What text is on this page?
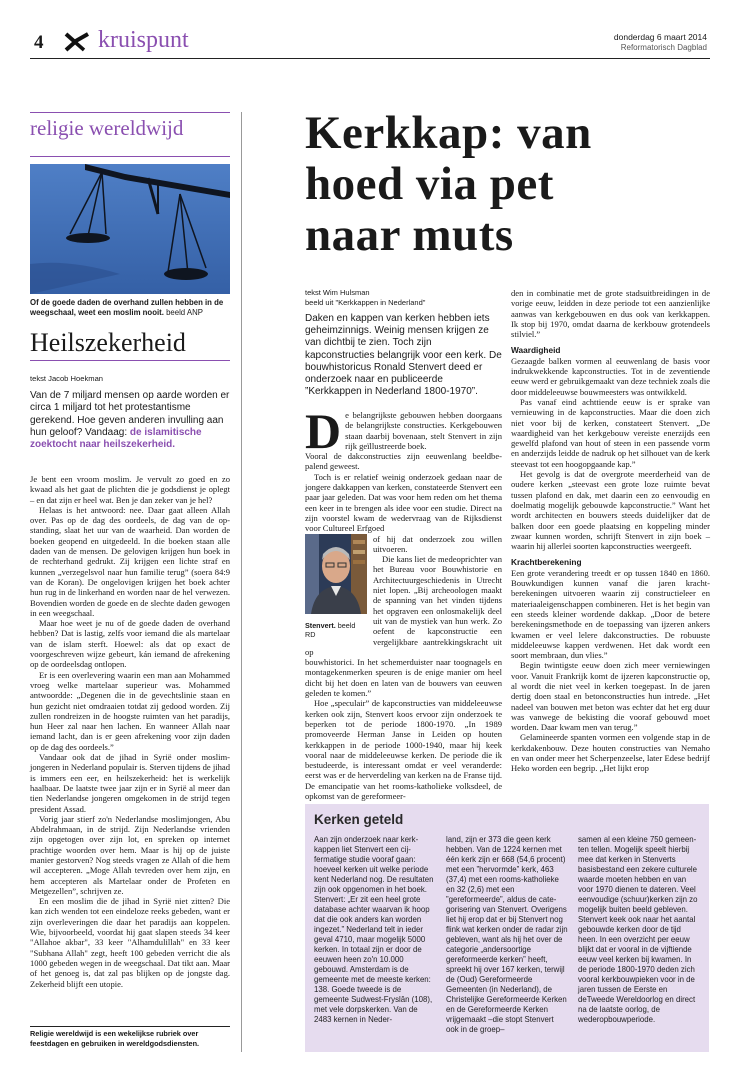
4 kruispunt	donderdag 6 maart 2014
Reformatorisch Dagblad
religie wereldwijd
Of de goede daden de overhand zullen hebben in de weegschaal, weet een moslim nooit. beeld ANP
Heilszekerheid
tekst Jacob Hoekman
Van de 7 miljard mensen op aarde worden er circa 1 miljard tot het protestantisme gerekend. Hoe geven anderen invulling aan hun geloof? Vandaag: de islamitische zoektocht naar heilszekerheid.

Je bent een vroom moslim. Je vervult zo goed en zo kwaad als het gaat de plichten die je godsdienst je oplegt – en dat zijn er heel wat. Ben je dan zeker van je hel?

Helaas is het antwoord: nee. Daar gaat alleen Allah over. Pas op de dag des oordeels, de dag van de opstanding, slaat het uur van de waarheid. Dan worden de boeken geopend en uitgedeeld. In die boeken staan alle daden van de mensen. De gelovigen krijgen hun boek in de rechterhand gedrukt. Zij krijgen een lichte straf en kunnen „verzegelsvol naar hun familie terug” (soera 84:9 van de Koran). De ongelovigen krijgen het boek achter hun rug in de linkerhand en worden naar de hel verwezen. Bovendien worden de goede en de slechte daden gewogen in een weegschaal.

Maar hoe weet je nu of de goede daden de overhand hebben? Dat is lastig, zelfs voor iemand die als martelaar van de islam sterft. Hoewel: als dat op exact de voorgeschreven wijze gebeurt, kán iemand de afrekening op de oordeelsdag ontlopen.

Er is een overlevering waarin een man aan Mohammed vroeg welke martelaar superieur was. Mohammed antwoordde: „Degenen die in de gevechtslinie staan en hun gezicht niet omdraaien totdat zij gedood worden. Zij zullen rondreizen in de hoogste ruimten van het paradijs, hun Heer zal naar hen lachen. En wanneer Allah naar iemand lacht, dan is er geen afrekening voor zijn daden op de dag des oordeels.”

Vandaar ook dat de jihad in Syrië onder moslimjongeren in Nederland populair is. Sterven tijdens de jihad is immers een eer, en heilszekerheid: het is werkelijk haalbaar. De laatste twee jaar zijn er in Syrië al meer dan tien Nederlandse jongeren omgekomen in de strijd tegen president Assad.

Vorig jaar stierf zo'n Nederlandse moslimjongen, Abu Abdelrahmaan, in de strijd. Zijn Nederlandse vrienden zijn opgetogen over zijn lot, en spreken op internet prachtige woorden over hem. Maar is hij op de juiste manier gestorven? Nog steeds vragen ze Allah of die hem wil accepteren. „Moge Allah tevreden over hem zijn, en hem accepteren als Martelaar onder de Profeten en Metgezellen”, schrijven ze.

En een moslim die de jihad in Syrië niet zitten? Die kan zich wenden tot een eindeloze reeks gebeden, want er zijn overleveringen die daar het paradijs aan koppelen. Wie, bijvoorbeeld, voordat hij gaat slapen steeds 34 keer "Allahoe akbar", 33 keer "Alhamdulillah" en 33 keer "Subhana Allah" zegt, heeft 100 gebeden verricht die als 1000 gebeden wegen in de weegschaal. Dat tikt aan. Maar of het genoeg is, dat zal pas blijken op de jongste dag. Zekerheid blijft een utopie.

Religie wereldwijd is een wekelijkse rubriek over feestdagen en gebruiken in wereldgodsdiensten.
Kerkkap: van
hoed via pet
naar muts
tekst Wim Hulsman
beeld uit "Kerkkappen in Nederland"
Daken en kappen van kerken hebben iets geheimzinnigs. Weinig mensen krijgen ze van dichtbij te zien. Toch zijn kapconstructies belangrijk voor een kerk. De bouwhistoricus Ronald Stenvert deed er onderzoek naar en publiceerde ”Kerkkappen in Nederland 1800-1970”.
D e belangrijkste gebouwen hebben doorgaans de belangrijkste constructies. Kerkgebouwen staan daarbij bovenaan, stelt Stenvert in zijn rijk geïllustreerde boek.

Vooral de dakconstructies zijn eeuwenlang beeldbepalend geweest.

Toch is er relatief weinig onderzoek gedaan naar de jongere dakkappen van kerken, constateerde Stenvert een paar jaar geleden. Dat was voor hem reden om het thema een keer in te brengen als idee voor een studie. Direct na zijn voorstel kwam de wedervraag van de Rijksdienst voor Cultureel Erfgoed

Stenvert. beeld RD

of hij dat onderzoek zou willen uitvoeren.

Die kans liet de medeoprichter van het Bureau voor Bouwhistorie en Architectuurgeschiedenis in Utrecht niet lopen. „Bij archeoologen maakt de spanning van het vinden tijdens het opgraven een onlosmakelijk deel uit van de mystiek van hun werk. Zo oefent de kapconstructie een vergelijkbare aantrekkingskracht uit op

bouwhistorici. In het schemerduister naar toognagels en montagekenmerken speuren is de enige manier om heel dicht bij het doen en laten van de bouwers van eeuwen geleden te komen.”

Hoe „speculair” de kapconstructies van middeleeuwse kerken ook zijn, Stenvert koos ervoor zijn onderzoek te beperken tot de periode 1800-1970. „In 1989 promoveerde Herman Janse in Leiden op houten kerkkappen in de periode 1000-1940, maar hij keek vooral naar de middeleeuwse kerken. De periode die ik bestudeerde, is interessant omdat er veel veranderde: eerst was er de herverdeling van kerken na de Franse tijd. De emancipatie van het rooms-katholieke volksdeel, de opkomst van de gereformeer-

den in combinatie met de grote stadsuitbreidingen in de vorige eeuw, leidden in deze periode tot een aanzienlijke aanwas van kerkgebouwen en dus ook van kerkkappen. Ik stop bij 1970, omdat daarna de kerkbouw grotendeels stilviel.”

Waardigheid

Gezaagde balken vormen al eeuwenlang de basis voor indrukwekkende kapconstructies. Tot in de zeventiende eeuw werd er gebruikgemaakt van deze techniek zoals die door middeleeuwse bouwmeesters was ontwikkeld.

Pas vanaf eind achttiende eeuw is er sprake van vernieuwing in de kapconstructies. Maar die doen zich niet voor bij de kerken, constateert Stenvert. „De waardigheid van het kerkgebouw vereiste enerzijds een gewelfd plafond van hout of steen in een passende vorm en anderzijds leidde de nadruk op het silhouet van de kerk steevast tot een hoogopgaande kap.”

Het gevolg is dat de overgrote meerderheid van de oudere kerken „steevast een grote loze ruimte bevat tussen plafond en dak, met daarin een zo eenvoudig en doelmatig mogelijk gebouwde kapconstructie.” Want het wordt architecten en bouwers steeds duidelijker dat de balken door een goede plaatsing en koppeling minder zwaar kunnen worden, schrijft Stenvert in zijn boek – waarin hij allerlei soorten kapconstructies weergeeft.

Krachtberekening

Een grote verandering treedt er op tussen 1840 en 1860. Bouwkundigen kunnen vanaf die jaren krachtberekeningen uitvoeren waarin zij constructieleer en materiaaleigenschappen combineren. Het is het begin van een steeds kleiner wordende dakkap. „Door de betere berekeningsmethode en de toepassing van ijzeren ankers kwamen er veel lelere dakconstructies. De robuuste middeleeuwse kappen verdwenen. Het dak wordt een soort membraan, dun vlies.”

Begin twintigste eeuw doen zich meer verniewingen voor. Vanuit Frankrijk komt de ijzeren kapconstructie op, al wordt die niet veel in kerken toegepast. In de jaren dertig doen staal en betonconstructies hun intrede. „Het nadeel van bouwen met beton was echter dat het erg duur was vanwege de bekisting die vooraf gebouwd moet worden. Daar kwam men van terug.”

Gelamineerde spanten vormen een volgende stap in de kerkdakenbouw. Deze houten constructies van Nemaho en van onder meer het Scherpenzeelse, later Edese bedrijf Heko worden een begrip. „Het lijkt erop

Kerken geteld

Aan zijn onderzoek naar kerkkappen liet Stenvert een cijfermatige studie vooraf gaan: hoeveel kerken uit welke periode kent Nederland nog. De resultaten zijn ook opgenomen in het boek. Stenvert: „Er zit een heel grote database achter waarvan ik hoop dat die ook anders kan worden ingezet.” Nederland telt in ieder geval 4710, maar mogelijk 5000 kerken. In totaal zijn er door de eeuwen heen zo'n 10.000 gebouwd. Amsterdam is de gemeente met de meeste kerken: 138. Goede tweede is de gemeente Sudwest-Fryslân (108), met vele dorpskerken. Van de 2483 kernen in Neder-

land, zijn er 373 die geen kerk hebben. Van de 1224 kernen met één kerk zijn er 668 (54,6 procent) met een ”hervormde” kerk, 463 (37,4) met een rooms-katholieke en 32 (2,6) met een ”gereformeerde”, aldus de categorisering van Stenvert. Overigens liet hij erop dat er bij Stenvert nog flink wat kerken onder de radar zijn gebleven, want als hij het over de categorie „andersoortige gereformeerde kerken” heeft, spreekt hij over 167 kerken, terwijl de (Oud) Gereformeerde Gemeenten (in Nederland), de Christelijke Gereformeerde Kerken en de Gereformeerde Kerken vrijgemaakt –die stopt Stenvert ook in de groep–

samen al een kleine 750 gemeenten tellen. Mogelijk speelt hierbij mee dat kerken in Stenverts basisbestand een zekere culturele waarde moeten hebben en van voor 1970 dienen te dateren. Veel eenvoudige (schuur)kerken zijn zo mogelijk buiten beeld gebleven. Stenvert keek ook naar het aantal gebouwde kerken door de tijd heen. In een overzicht per eeuw blijkt dat er vooral in de vijftiende eeuw veel kerken bij kwamen. In de periode 1800-1970 deden zich vooral kerkbouwpieken voor in de jaren tussen de Eerste en deTweede Wereldoorlog en direct na de laatste oorlog, de wederopbouwperiode.
